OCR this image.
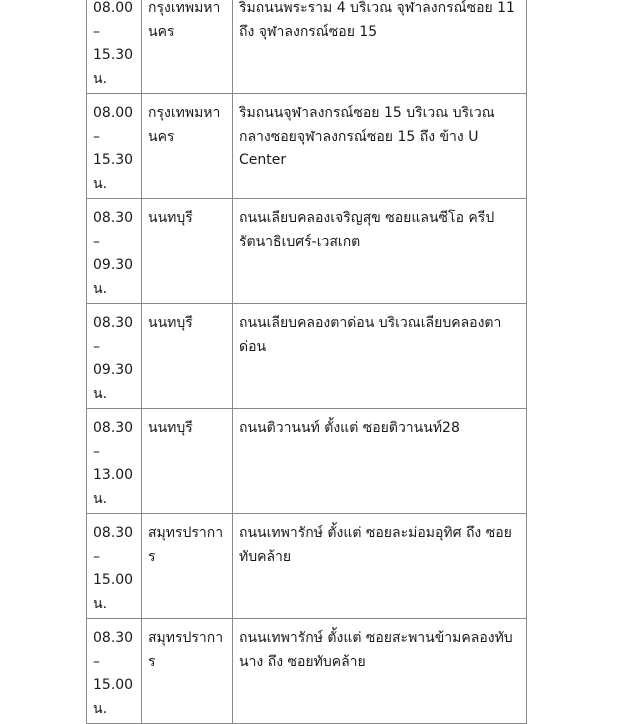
08.00
–
15.30
น.	กรุงเทพมหานคร	ริมถนนพระราม 4 บริเวณ จุฬาลงกรณ์ซอย 11 ถึง จุฬาลงกรณ์ซอย 15

08.00
–
15.30
น.	กรุงเทพมหานคร	ริมถนนจุฬาลงกรณ์ซอย 15 บริเวณ บริเวณกลางซอยจุฬาลงกรณ์ซอย 15 ถึง ข้าง U Center

08.30
–
09.30
น.	นนทบุรี	ถนนเลียบคลองเจริญสุข ซอยแลนซีโอ ครีป รัตนาธิเบศร์-เวสเกต

08.30
–
09.30
น.	นนทบุรี	ถนนเลียบคลองตาด่อน บริเวณเลียบคลองตาด่อน

08.30
–
13.00
น.	นนทบุรี	ถนนติวานนท์ ตั้งแต่ ซอยติวานนท์28

08.30
–
15.00
น.	สมุทรปราการ	ถนนเทพารักษ์ ตั้งแต่ ซอยละม่อมอุทิศ ถึง ซอยทับคล้าย

08.30
–
15.00
น.	สมุทรปราการ	ถนนเทพารักษ์ ตั้งแต่ ซอยสะพานข้ามคลองทับนาง ถึง ซอยทับคล้าย
